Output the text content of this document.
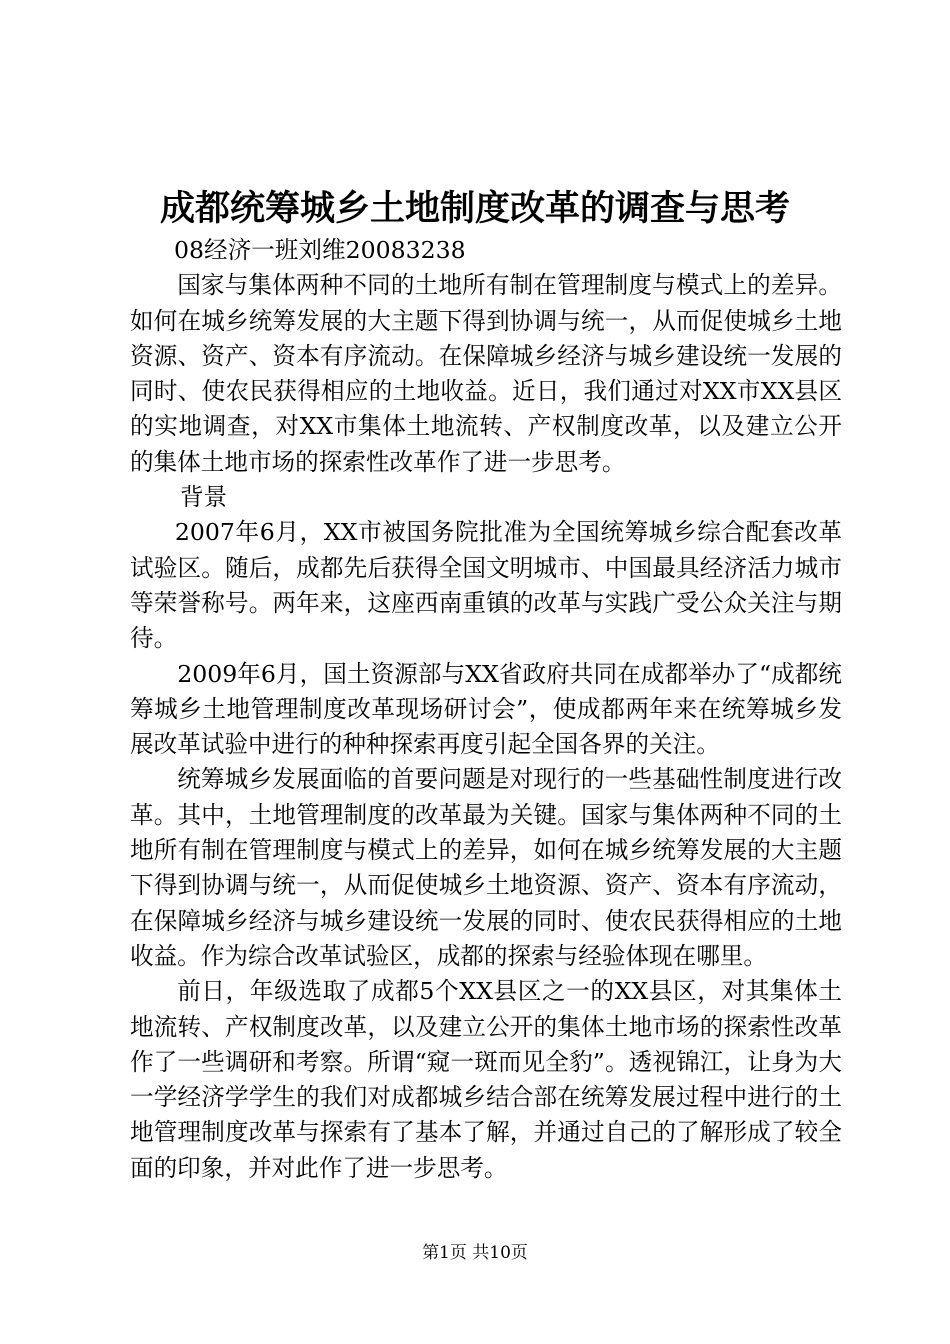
成都统筹城乡土地制度改革的调查与思考

08经济一班刘维20083238

国家与集体两种不同的土地所有制在管理制度与模式上的差异。如何在城乡统筹发展的大主题下得到协调与统一，从而促使城乡土地资源、资产、资本有序流动。在保障城乡经济与城乡建设统一发展的同时、使农民获得相应的土地收益。近日，我们通过对XX市XX县区的实地调查，对XX市集体土地流转、产权制度改革，以及建立公开的集体土地市场的探索性改革作了进一步思考。

背景

2007年6月，XX市被国务院批准为全国统筹城乡综合配套改革试验区。随后，成都先后获得全国文明城市、中国最具经济活力城市等荣誉称号。两年来，这座西南重镇的改革与实践广受公众关注与期待。

2009年6月，国土资源部与XX省政府共同在成都举办了“成都统筹城乡土地管理制度改革现场研讨会”，使成都两年来在统筹城乡发展改革试验中进行的种种探索再度引起全国各界的关注。

统筹城乡发展面临的首要问题是对现行的一些基础性制度进行改革。其中，土地管理制度的改革最为关键。国家与集体两种不同的土地所有制在管理制度与模式上的差异，如何在城乡统筹发展的大主题下得到协调与统一，从而促使城乡土地资源、资产、资本有序流动，在保障城乡经济与城乡建设统一发展的同时、使农民获得相应的土地收益。作为综合改革试验区，成都的探索与经验体现在哪里。

前日，年级选取了成都5个XX县区之一的XX县区，对其集体土地流转、产权制度改革，以及建立公开的集体土地市场的探索性改革作了一些调研和考察。所谓“窥一斑而见全豹”。透视锦江，让身为大一学经济学学生的我们对成都城乡结合部在统筹发展过程中进行的土地管理制度改革与探索有了基本了解，并通过自己的了解形成了较全面的印象，并对此作了进一步思考。

第1页 共10页
